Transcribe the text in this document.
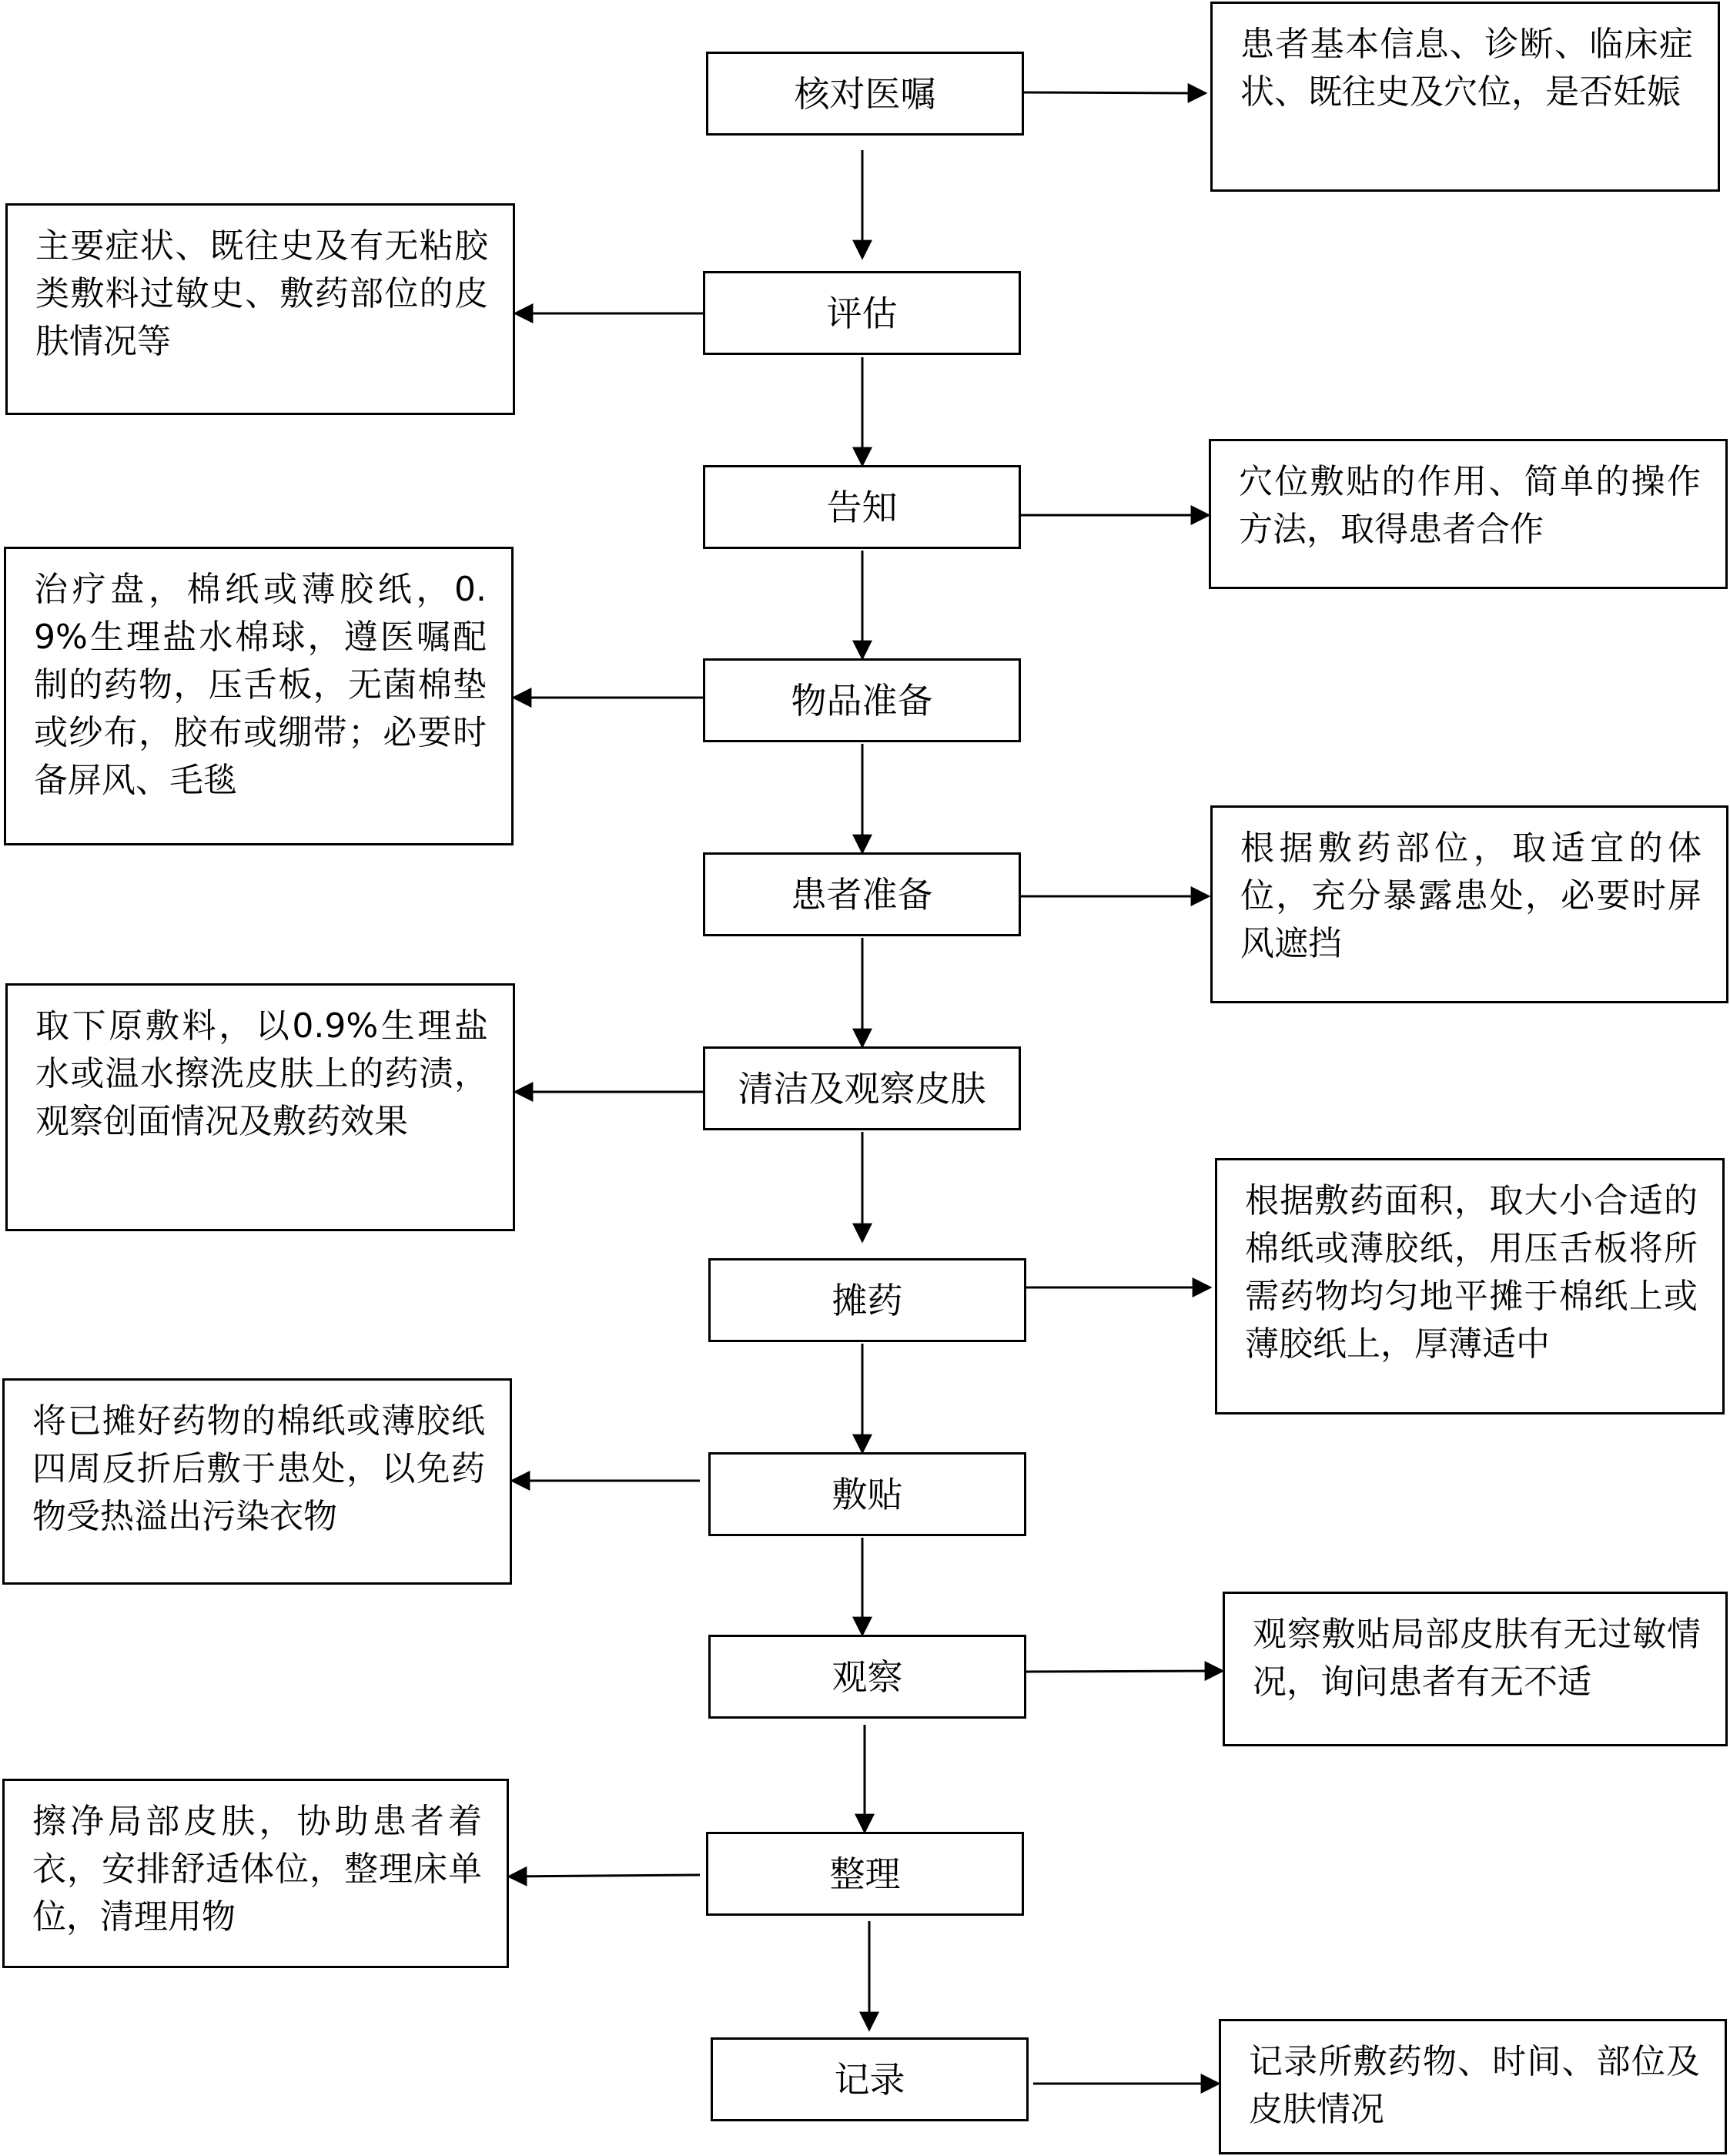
核对医嘱
评估
告知
物品准备
患者准备
清洁及观察皮肤
摊药
敷贴
观察
整理
记录
患者基本信息、诊断、临床症状、既往史及穴位，是否妊娠
主要症状、既往史及有无粘胶类敷料过敏史、敷药部位的皮肤情况等
穴位敷贴的作用、简单的操作方法，取得患者合作
治疗盘，棉纸或薄胶纸，0.9%生理盐水棉球，遵医嘱配制的药物，压舌板，无菌棉垫或纱布，胶布或绷带；必要时备屏风、毛毯
根据敷药部位，取适宜的体位，充分暴露患处，必要时屏风遮挡
取下原敷料，以0.9%生理盐水或温水擦洗皮肤上的药渍，观察创面情况及敷药效果
根据敷药面积，取大小合适的棉纸或薄胶纸，用压舌板将所需药物均匀地平摊于棉纸上或薄胶纸上，厚薄适中
将已摊好药物的棉纸或薄胶纸四周反折后敷于患处，以免药物受热溢出污染衣物
观察敷贴局部皮肤有无过敏情况，询问患者有无不适
擦净局部皮肤，协助患者着衣，安排舒适体位，整理床单位，清理用物
记录所敷药物、时间、部位及皮肤情况
